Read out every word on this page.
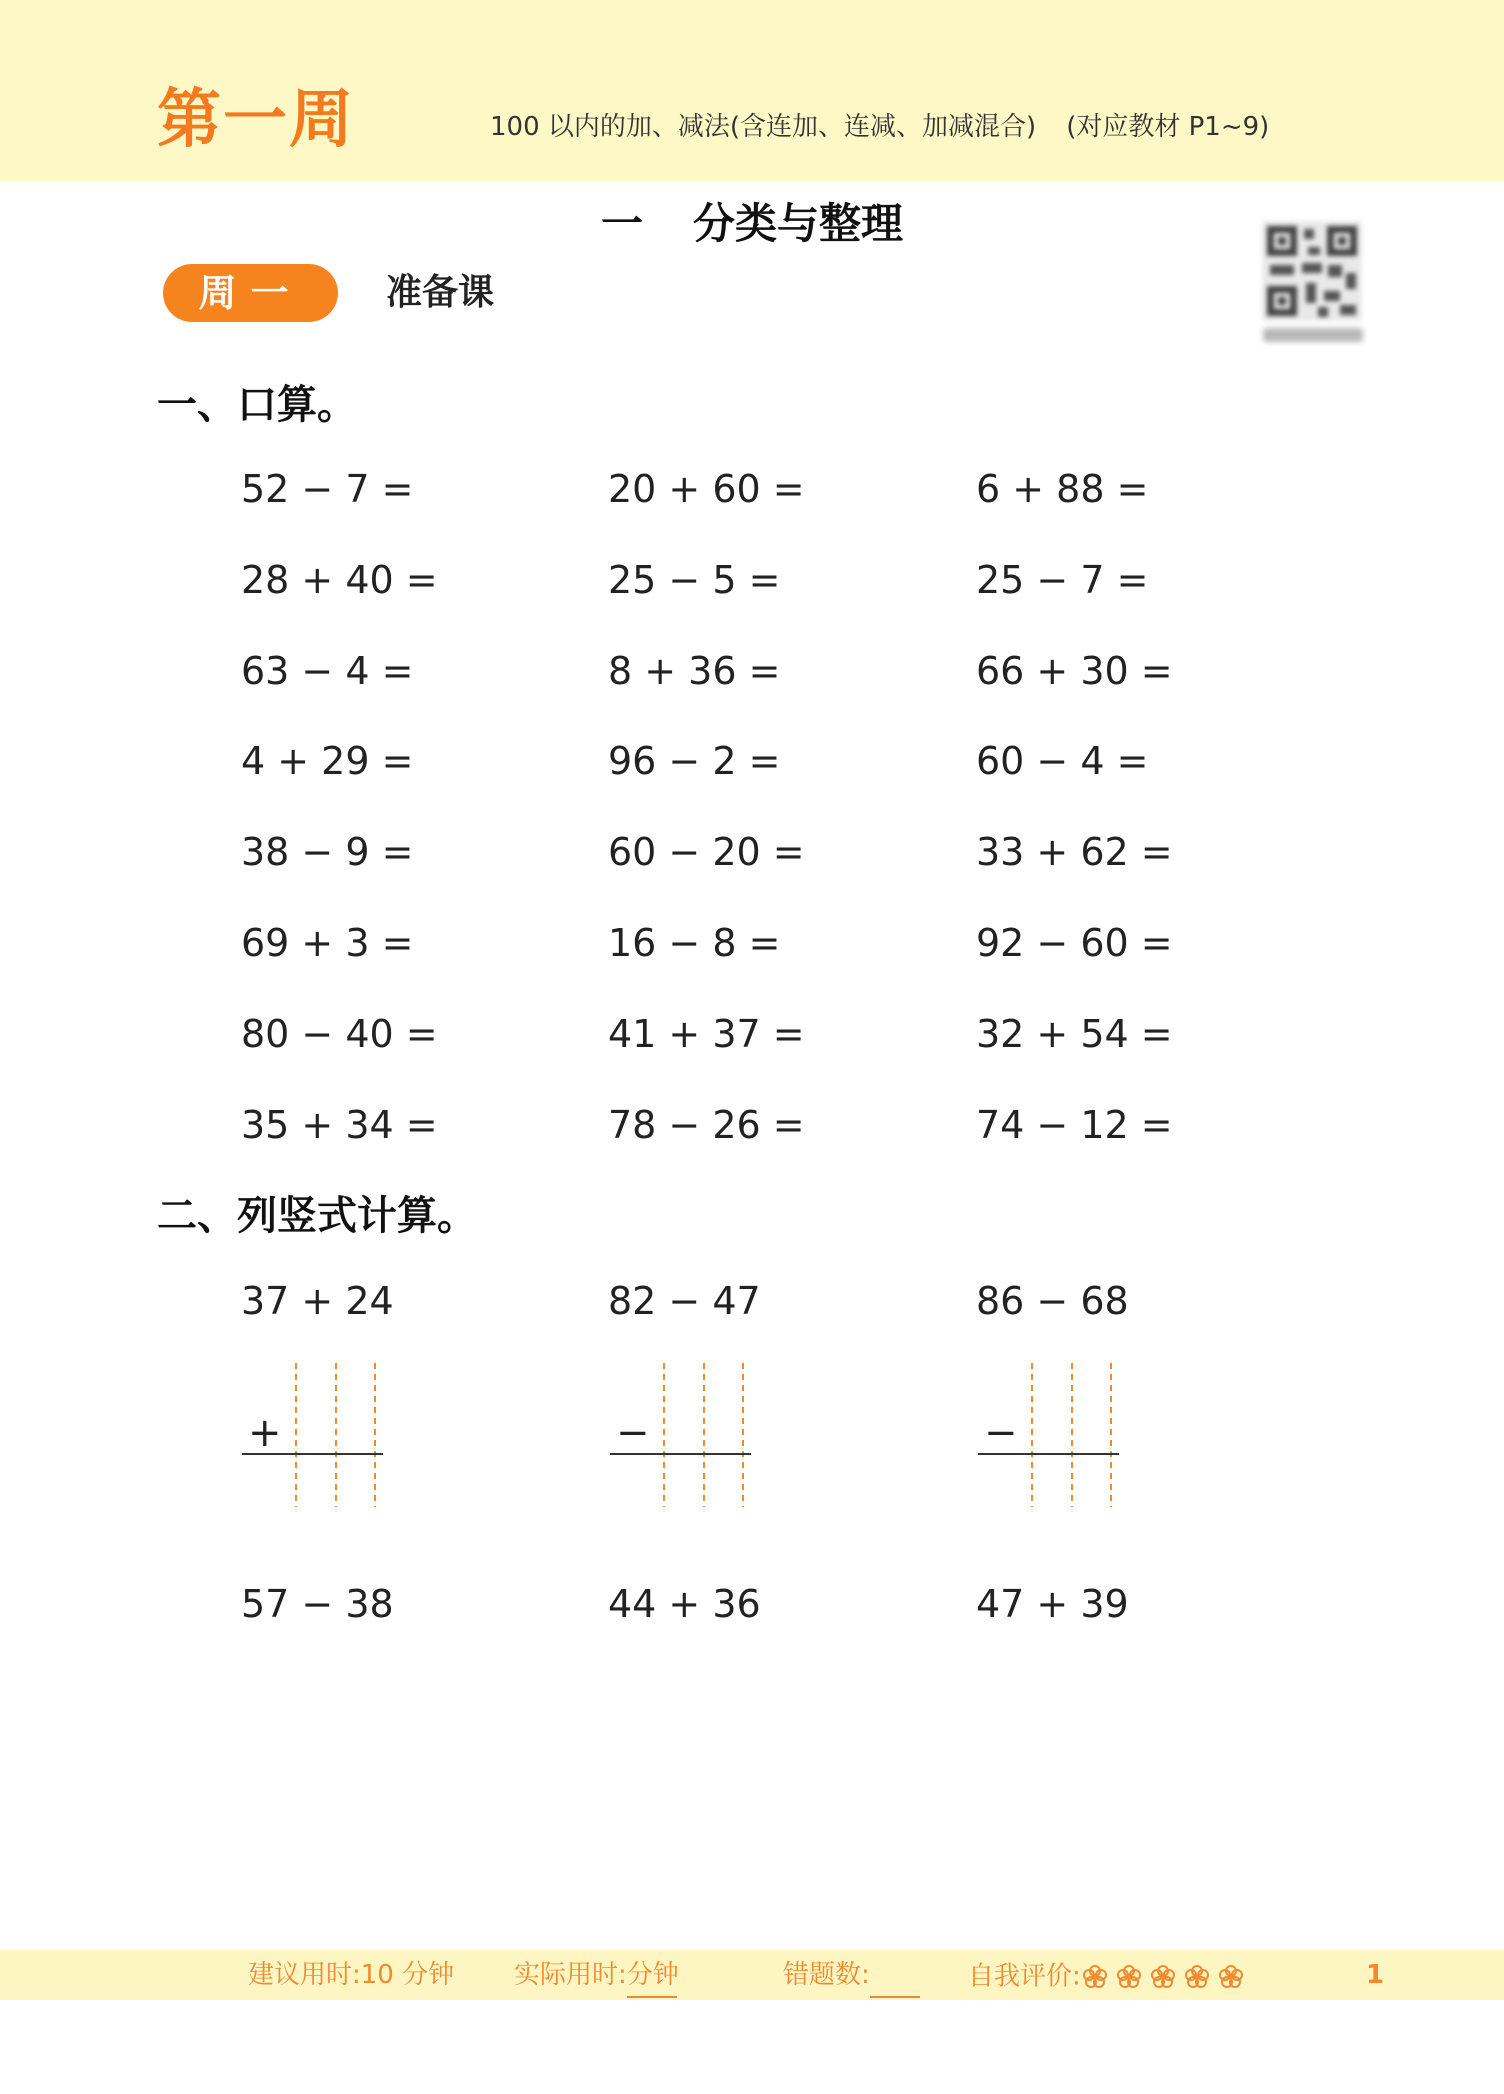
第一周	100 以内的加、减法(含连加、连减、加减混合) (对应教材 P1~9)
一 分类与整理
周一	准备课
一、口算。
52 − 7 =	20 + 60 =	6 + 88 =
28 + 40 =	25 − 5 =	25 − 7 =
63 − 4 =	8 + 36 =	66 + 30 =
4 + 29 =	96 − 2 =	60 − 4 =
38 − 9 =	60 − 20 =	33 + 62 =
69 + 3 =	16 − 8 =	92 − 60 =
80 − 40 =	41 + 37 =	32 + 54 =
35 + 34 =	78 − 26 =	74 − 12 =
二、列竖式计算。
37 + 24	82 − 47	86 − 68
+	−	−
57 − 38	44 + 36	47 + 39
建议用时:10 分钟 实际用时:
分钟	错题数:	自我评价:	1
